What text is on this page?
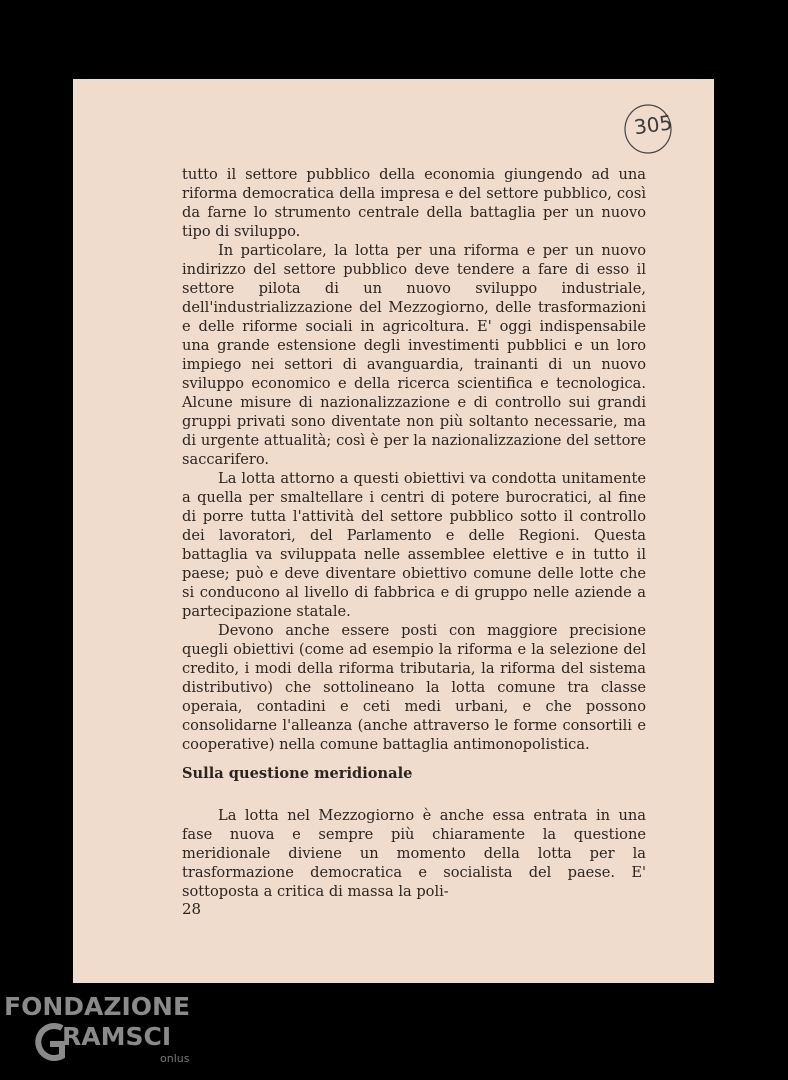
305

tutto il settore pubblico della economia giungendo ad una riforma democratica della impresa e del settore pubblico, così da farne lo strumento centrale della battaglia per un nuovo tipo di sviluppo.

In particolare, la lotta per una riforma e per un nuovo indirizzo del settore pubblico deve tendere a fare di esso il settore pilota di un nuovo sviluppo industriale, dell'industrializzazione del Mezzogiorno, delle trasformazioni e delle riforme sociali in agricoltura. E' oggi indispensabile una grande estensione degli investimenti pubblici e un loro impiego nei settori di avanguardia, trainanti di un nuovo sviluppo economico e della ricerca scientifica e tecnologica. Alcune misure di nazionalizzazione e di controllo sui grandi gruppi privati sono diventate non più soltanto necessarie, ma di urgente attualità; così è per la nazionalizzazione del settore saccarifero.

La lotta attorno a questi obiettivi va condotta unitamente a quella per smaltellare i centri di potere burocratici, al fine di porre tutta l'attività del settore pubblico sotto il controllo dei lavoratori, del Parlamento e delle Regioni. Questa battaglia va sviluppata nelle assemblee elettive e in tutto il paese; può e deve diventare obiettivo comune delle lotte che si conducono al livello di fabbrica e di gruppo nelle aziende a partecipazione statale.

Devono anche essere posti con maggiore precisione quegli obiettivi (come ad esempio la riforma e la selezione del credito, i modi della riforma tributaria, la riforma del sistema distributivo) che sottolineano la lotta comune tra classe operaia, contadini e ceti medi urbani, e che possono consolidarne l'alleanza (anche attraverso le forme consortili e cooperative) nella comune battaglia antimonopolistica.

Sulla questione meridionale

La lotta nel Mezzogiorno è anche essa entrata in una fase nuova e sempre più chiaramente la questione meridionale diviene un momento della lotta per la trasformazione democratica e socialista del paese. E' sottoposta a critica di massa la poli-

28
FONDAZIONE
RAMSCI
onlus
